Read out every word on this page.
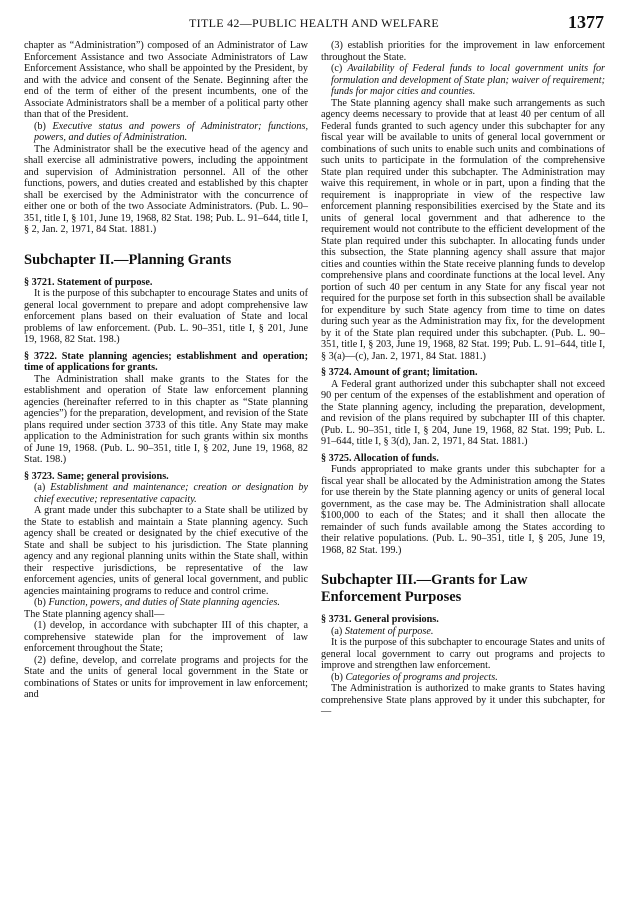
TITLE 42—PUBLIC HEALTH AND WELFARE	1377

chapter as “Administration”) composed of an Administrator of Law Enforcement Assistance and two Associate Administrators of Law Enforcement Assistance, who shall be appointed by the President, by and with the advice and consent of the Senate. Beginning after the end of the term of either of the present incumbents, one of the Associate Administrators shall be a member of a political party other than that of the President.

(b) Executive status and powers of Administrator; functions, powers, and duties of Administration.

The Administrator shall be the executive head of the agency and shall exercise all administrative powers, including the appointment and supervision of Administration personnel. All of the other functions, powers, and duties created and established by this chapter shall be exercised by the Administrator with the concurrence of either one or both of the two Associate Administrators. (Pub. L. 90–351, title I, § 101, June 19, 1968, 82 Stat. 198; Pub. L. 91–644, title I, § 2, Jan. 2, 1971, 84 Stat. 1881.)

Subchapter II.—Planning Grants

§ 3721. Statement of purpose.

It is the purpose of this subchapter to encourage States and units of general local government to prepare and adopt comprehensive law enforcement plans based on their evaluation of State and local problems of law enforcement. (Pub. L. 90–351, title I, § 201, June 19, 1968, 82 Stat. 198.)

§ 3722. State planning agencies; establishment and operation; time of applications for grants.

The Administration shall make grants to the States for the establishment and operation of State law enforcement planning agencies (hereinafter referred to in this chapter as “State planning agencies”) for the preparation, development, and revision of the State plans required under section 3733 of this title. Any State may make application to the Administration for such grants within six months of June 19, 1968. (Pub. L. 90–351, title I, § 202, June 19, 1968, 82 Stat. 198.)

§ 3723. Same; general provisions.

(a) Establishment and maintenance; creation or designation by chief executive; representative capacity.

A grant made under this subchapter to a State shall be utilized by the State to establish and maintain a State planning agency. Such agency shall be created or designated by the chief executive of the State and shall be subject to his jurisdiction. The State planning agency and any regional planning units within the State shall, within their respective jurisdictions, be representative of the law enforcement agencies, units of general local government, and public agencies maintaining programs to reduce and control crime.

(b) Function, powers, and duties of State planning agencies.

The State planning agency shall—

(1) develop, in accordance with subchapter III of this chapter, a comprehensive statewide plan for the improvement of law enforcement throughout the State;

(2) define, develop, and correlate programs and projects for the State and the units of general local government in the State or combinations of States or units for improvement in law enforcement; and

(3) establish priorities for the improvement in law enforcement throughout the State.

(c) Availability of Federal funds to local government units for formulation and development of State plan; waiver of requirement; funds for major cities and counties.

The State planning agency shall make such arrangements as such agency deems necessary to provide that at least 40 per centum of all Federal funds granted to such agency under this subchapter for any fiscal year will be available to units of general local government or combinations of such units to enable such units and combinations of such units to participate in the formulation of the comprehensive State plan required under this subchapter. The Administration may waive this requirement, in whole or in part, upon a finding that the requirement is inappropriate in view of the respective law enforcement planning responsibilities exercised by the State and its units of general local government and that adherence to the requirement would not contribute to the efficient development of the State plan required under this subchapter. In allocating funds under this subsection, the State planning agency shall assure that major cities and counties within the State receive planning funds to develop comprehensive plans and coordinate functions at the local level. Any portion of such 40 per centum in any State for any fiscal year not required for the purpose set forth in this subsection shall be available for expenditure by such State agency from time to time on dates during such year as the Administration may fix, for the development by it of the State plan required under this subchapter. (Pub. L. 90–351, title I, § 203, June 19, 1968, 82 Stat. 199; Pub. L. 91–644, title I, § 3(a)—(c), Jan. 2, 1971, 84 Stat. 1881.)

§ 3724. Amount of grant; limitation.

A Federal grant authorized under this subchapter shall not exceed 90 per centum of the expenses of the establishment and operation of the State planning agency, including the preparation, development, and revision of the plans required by subchapter III of this chapter. (Pub. L. 90–351, title I, § 204, June 19, 1968, 82 Stat. 199; Pub. L. 91–644, title I, § 3(d), Jan. 2, 1971, 84 Stat. 1881.)

§ 3725. Allocation of funds.

Funds appropriated to make grants under this subchapter for a fiscal year shall be allocated by the Administration among the States for use therein by the State planning agency or units of general local government, as the case may be. The Administration shall allocate $100,000 to each of the States; and it shall then allocate the remainder of such funds available among the States according to their relative populations. (Pub. L. 90–351, title I, § 205, June 19, 1968, 82 Stat. 199.)

Subchapter III.—Grants for Law Enforcement Purposes

§ 3731. General provisions.

(a) Statement of purpose.

It is the purpose of this subchapter to encourage States and units of general local government to carry out programs and projects to improve and strengthen law enforcement.

(b) Categories of programs and projects.

The Administration is authorized to make grants to States having comprehensive State plans approved by it under this subchapter, for—
